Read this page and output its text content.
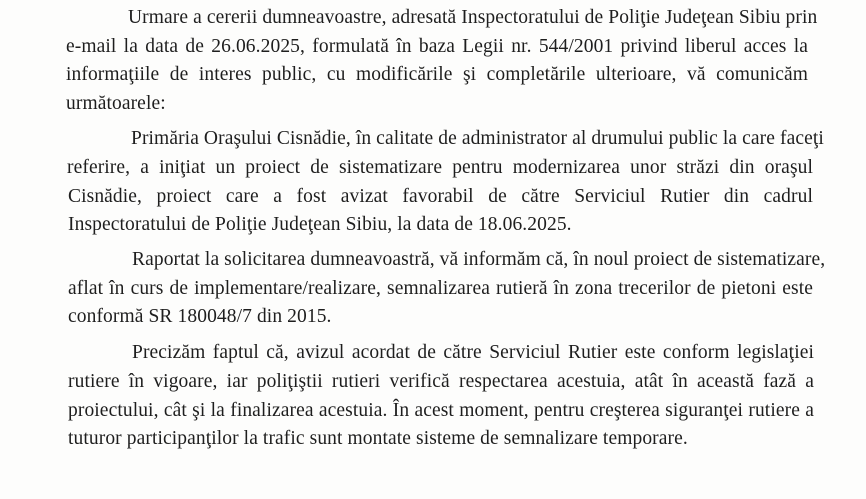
Urmare a cererii dumneavoastre, adresată Inspectoratului de Poliţie Judeţean Sibiu prin
e-mail la data de 26.06.2025, formulată în baza Legii nr. 544/2001 privind liberul acces la
informaţiile de interes public, cu modificările şi completările ulterioare, vă comunicăm
următoarele:
Primăria Oraşului Cisnădie, în calitate de administrator al drumului public la care faceţi
referire, a iniţiat un proiect de sistematizare pentru modernizarea unor străzi din oraşul
Cisnădie, proiect care a fost avizat favorabil de către Serviciul Rutier din cadrul
Inspectoratului de Poliţie Judeţean Sibiu, la data de 18.06.2025.
Raportat la solicitarea dumneavoastră, vă informăm că, în noul proiect de sistematizare,
aflat în curs de implementare/realizare, semnalizarea rutieră în zona trecerilor de pietoni este
conformă SR 180048/7 din 2015.
Precizăm faptul că, avizul acordat de către Serviciul Rutier este conform legislaţiei
rutiere în vigoare, iar poliţiştii rutieri verifică respectarea acestuia, atât în această fază a
proiectului, cât şi la finalizarea acestuia. În acest moment, pentru creşterea siguranţei rutiere a
tuturor participanţilor la trafic sunt montate sisteme de semnalizare temporare.
